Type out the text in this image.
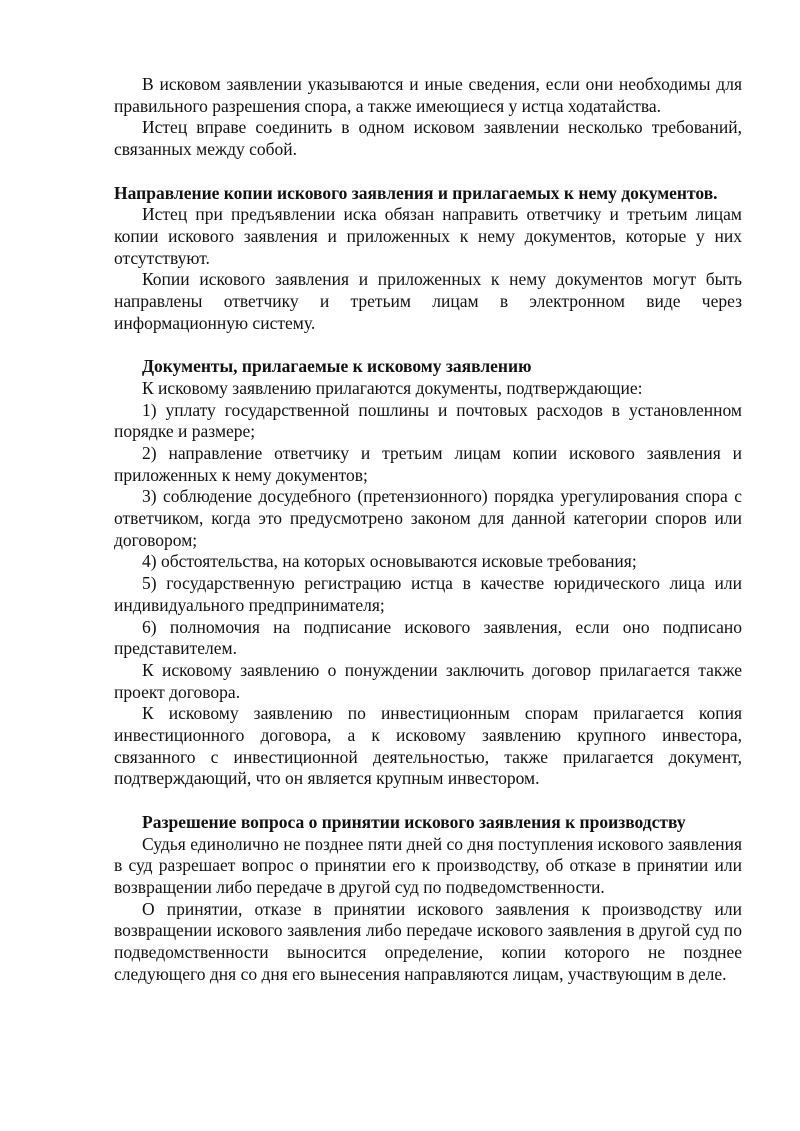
В исковом заявлении указываются и иные сведения, если они необходимы для правильного разрешения спора, а также имеющиеся у истца ходатайства.

Истец вправе соединить в одном исковом заявлении несколько требований, связанных между собой.

Направление копии искового заявления и прилагаемых к нему документов.

Истец при предъявлении иска обязан направить ответчику и третьим лицам копии искового заявления и приложенных к нему документов, которые у них отсутствуют.

Копии искового заявления и приложенных к нему документов могут быть направлены ответчику и третьим лицам в электронном виде через информационную систему.

Документы, прилагаемые к исковому заявлению

К исковому заявлению прилагаются документы, подтверждающие:

1) уплату государственной пошлины и почтовых расходов в установленном порядке и размере;

2) направление ответчику и третьим лицам копии искового заявления и приложенных к нему документов;

3) соблюдение досудебного (претензионного) порядка урегулирования спора с ответчиком, когда это предусмотрено законом для данной категории споров или договором;

4) обстоятельства, на которых основываются исковые требования;

5) государственную регистрацию истца в качестве юридического лица или индивидуального предпринимателя;

6) полномочия на подписание искового заявления, если оно подписано представителем.

К исковому заявлению о понуждении заключить договор прилагается также проект договора.

К исковому заявлению по инвестиционным спорам прилагается копия инвестиционного договора, а к исковому заявлению крупного инвестора, связанного с инвестиционной деятельностью, также прилагается документ, подтверждающий, что он является крупным инвестором.

Разрешение вопроса о принятии искового заявления к производству

Судья единолично не позднее пяти дней со дня поступления искового заявления в суд разрешает вопрос о принятии его к производству, об отказе в принятии или возвращении либо передаче в другой суд по подведомственности.

О принятии, отказе в принятии искового заявления к производству или возвращении искового заявления либо передаче искового заявления в другой суд по подведомственности выносится определение, копии которого не позднее следующего дня со дня его вынесения направляются лицам, участвующим в деле.
